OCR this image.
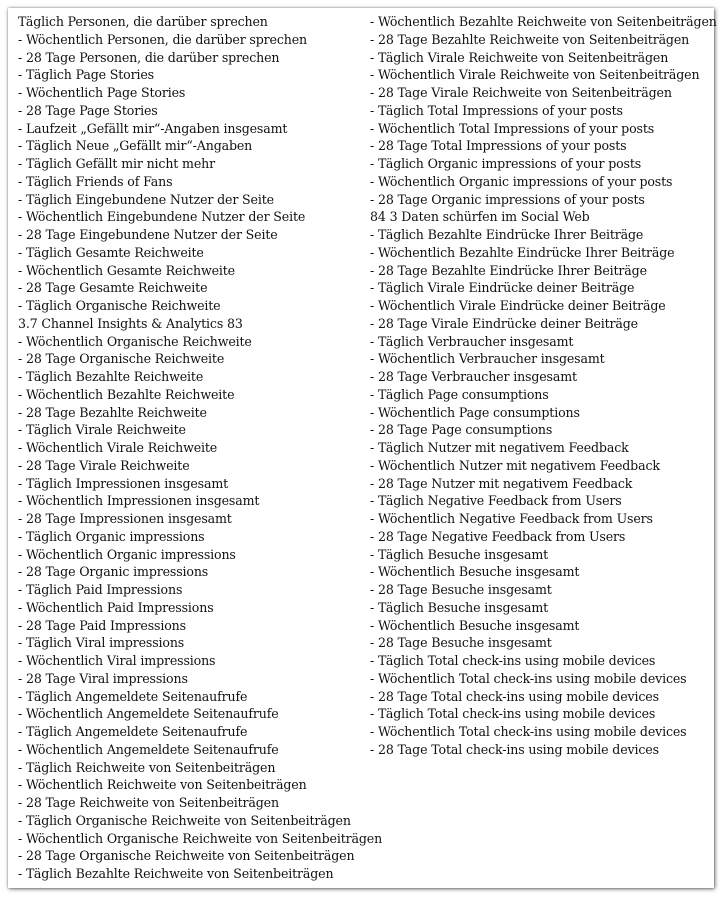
Täglich Personen, die darüber sprechen
- Wöchentlich Personen, die darüber sprechen
- 28 Tage Personen, die darüber sprechen
- Täglich Page Stories
- Wöchentlich Page Stories
- 28 Tage Page Stories
- Laufzeit „Gefällt mir“-Angaben insgesamt
- Täglich Neue „Gefällt mir“-Angaben
- Täglich Gefällt mir nicht mehr
- Täglich Friends of Fans
- Täglich Eingebundene Nutzer der Seite
- Wöchentlich Eingebundene Nutzer der Seite
- 28 Tage Eingebundene Nutzer der Seite
- Täglich Gesamte Reichweite
- Wöchentlich Gesamte Reichweite
- 28 Tage Gesamte Reichweite
- Täglich Organische Reichweite
3.7 Channel Insights & Analytics 83
- Wöchentlich Organische Reichweite
- 28 Tage Organische Reichweite
- Täglich Bezahlte Reichweite
- Wöchentlich Bezahlte Reichweite
- 28 Tage Bezahlte Reichweite
- Täglich Virale Reichweite
- Wöchentlich Virale Reichweite
- 28 Tage Virale Reichweite
- Täglich Impressionen insgesamt
- Wöchentlich Impressionen insgesamt
- 28 Tage Impressionen insgesamt
- Täglich Organic impressions
- Wöchentlich Organic impressions
- 28 Tage Organic impressions
- Täglich Paid Impressions
- Wöchentlich Paid Impressions
- 28 Tage Paid Impressions
- Täglich Viral impressions
- Wöchentlich Viral impressions
- 28 Tage Viral impressions
- Täglich Angemeldete Seitenaufrufe
- Wöchentlich Angemeldete Seitenaufrufe
- Täglich Angemeldete Seitenaufrufe
- Wöchentlich Angemeldete Seitenaufrufe
- Täglich Reichweite von Seitenbeiträgen
- Wöchentlich Reichweite von Seitenbeiträgen
- 28 Tage Reichweite von Seitenbeiträgen
- Täglich Organische Reichweite von Seitenbeiträgen
- Wöchentlich Organische Reichweite von Seitenbeiträgen
- 28 Tage Organische Reichweite von Seitenbeiträgen
- Täglich Bezahlte Reichweite von Seitenbeiträgen
- Wöchentlich Bezahlte Reichweite von Seitenbeiträgen
- 28 Tage Bezahlte Reichweite von Seitenbeiträgen
- Täglich Virale Reichweite von Seitenbeiträgen
- Wöchentlich Virale Reichweite von Seitenbeiträgen
- 28 Tage Virale Reichweite von Seitenbeiträgen
- Täglich Total Impressions of your posts
- Wöchentlich Total Impressions of your posts
- 28 Tage Total Impressions of your posts
- Täglich Organic impressions of your posts
- Wöchentlich Organic impressions of your posts
- 28 Tage Organic impressions of your posts
84 3 Daten schürfen im Social Web
- Täglich Bezahlte Eindrücke Ihrer Beiträge
- Wöchentlich Bezahlte Eindrücke Ihrer Beiträge
- 28 Tage Bezahlte Eindrücke Ihrer Beiträge
- Täglich Virale Eindrücke deiner Beiträge
- Wöchentlich Virale Eindrücke deiner Beiträge
- 28 Tage Virale Eindrücke deiner Beiträge
- Täglich Verbraucher insgesamt
- Wöchentlich Verbraucher insgesamt
- 28 Tage Verbraucher insgesamt
- Täglich Page consumptions
- Wöchentlich Page consumptions
- 28 Tage Page consumptions
- Täglich Nutzer mit negativem Feedback
- Wöchentlich Nutzer mit negativem Feedback
- 28 Tage Nutzer mit negativem Feedback
- Täglich Negative Feedback from Users
- Wöchentlich Negative Feedback from Users
- 28 Tage Negative Feedback from Users
- Täglich Besuche insgesamt
- Wöchentlich Besuche insgesamt
- 28 Tage Besuche insgesamt
- Täglich Besuche insgesamt
- Wöchentlich Besuche insgesamt
- 28 Tage Besuche insgesamt
- Täglich Total check-ins using mobile devices
- Wöchentlich Total check-ins using mobile devices
- 28 Tage Total check-ins using mobile devices
- Täglich Total check-ins using mobile devices
- Wöchentlich Total check-ins using mobile devices
- 28 Tage Total check-ins using mobile devices
